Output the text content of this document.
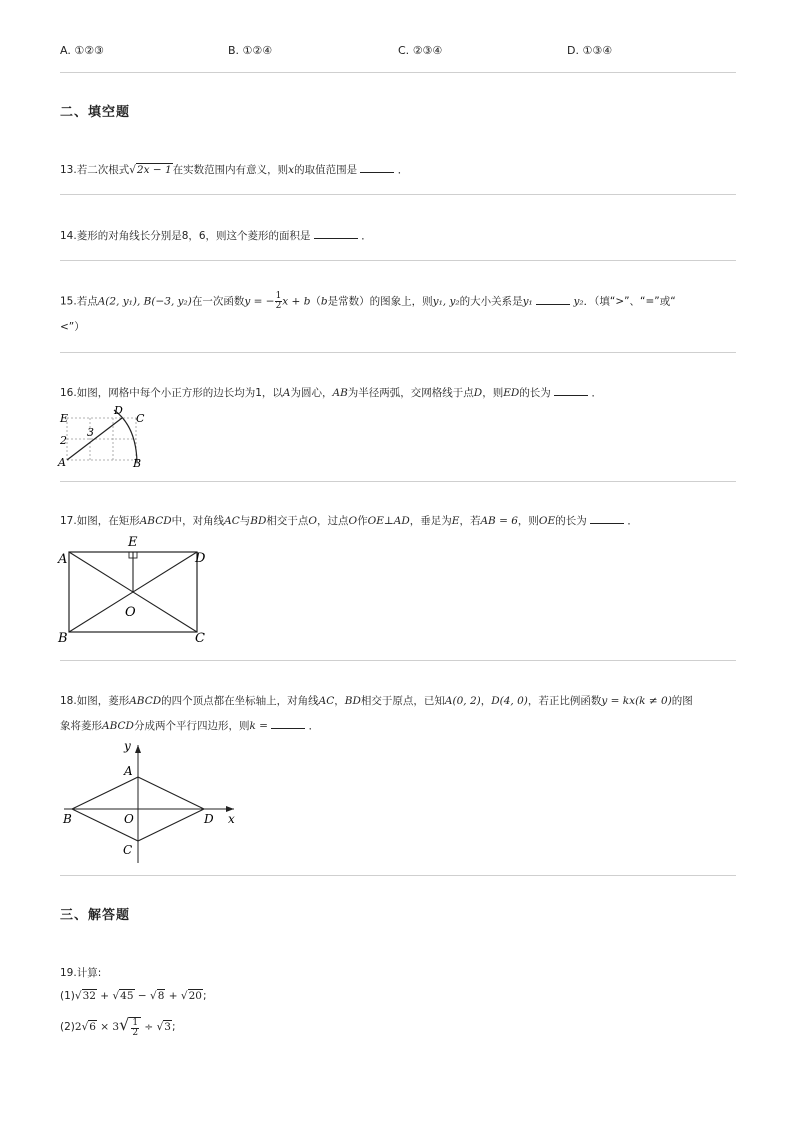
A. ①②③	B. ①②④	C. ②③④	D. ①③④
二、填空题
13.若二次根式√2x − 1在实数范围内有意义，则x的取值范围是	．
14.菱形的对角线长分别是8，6，则这个菱形的面积是	．
15.若点A(2, y₁), B(−3, y₂)在一次函数y = − $\frac{1}{2}$ x + b（b是常数）的图象上，则y₁, y₂的大小关系是y₁	y₂．（填“>”、“=”或“
<”）
16.如图，网格中每个小正方形的边长均为1，以A为圆心，AB为半径两弧，交网格线于点D，则ED的长为	．
E
D
C
2
3
A	B
17.如图，在矩形ABCD中，对角线AC与BD相交于点O，过点O作OE⊥AD，垂足为E，若AB = 6，则OE的长为	．
A	D
B	C
E
O
18.如图，菱形ABCD的四个顶点都在坐标轴上，对角线AC，BD相交于原点，已知A(0, 2)，D(4, 0)，若正比例函数y = kx(k ≠ 0)的图
象将菱形ABCD分成两个平行四边形，则k =	．
y
A
B	O	D x
C
三、解答题
19.计算:
(1)√32 + √45 − √8 + √20;
$(2)2√6 \times 3√ \frac{1}{2} \div √3$;
